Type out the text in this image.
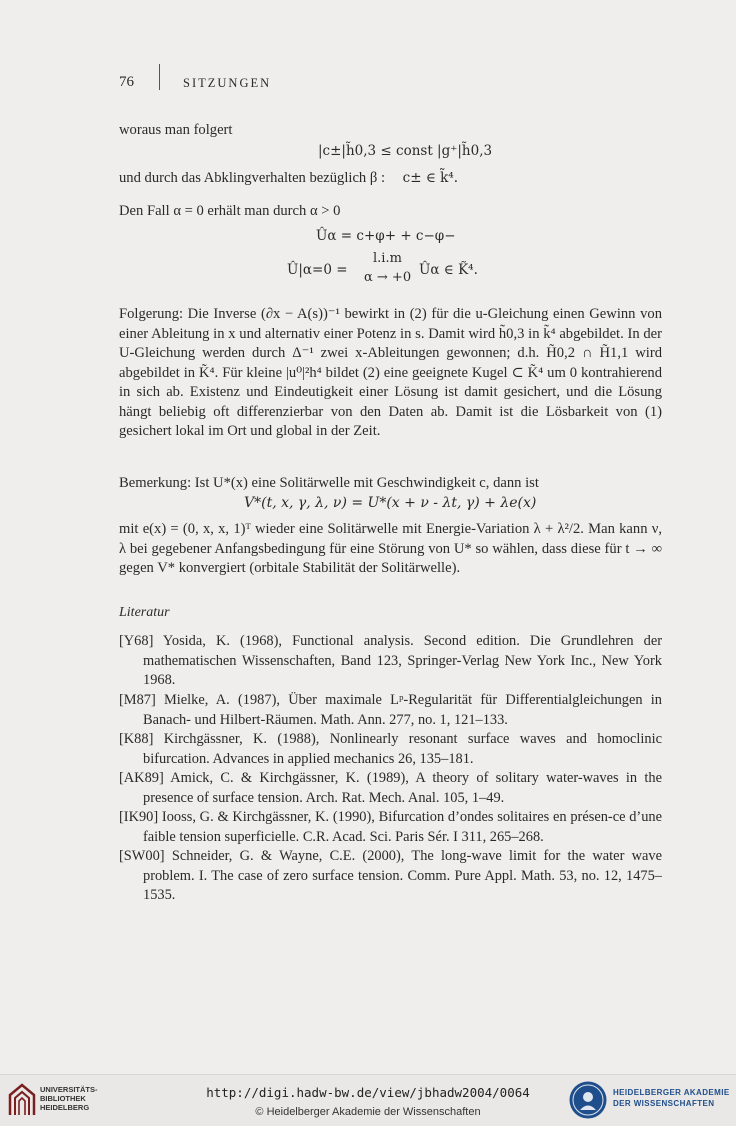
76	SITZUNGEN
woraus man folgert
|c±|h̃0,3 ≤ const |g⁺|h̃0,3
und durch das Abklingverhalten bezüglich β : c± ∈ k̃⁴.
Den Fall α = 0 erhält man durch α > 0
Ûα = c+φ+ + c−φ−
Û|α=0 =
l.i.m
α → +0 Ûα ∈ K̃⁴.
Folgerung: Die Inverse (∂x − A(s))⁻¹ bewirkt in (2) für die u-Gleichung einen Gewinn von einer Ableitung in x und alternativ einer Potenz in s. Damit wird h̃0,3 in k̃⁴ abgebildet. In der U-Gleichung werden durch Δ⁻¹ zwei x-Ableitungen gewonnen; d.h. H̃0,2 ∩ H̃1,1 wird abgebildet in K̃⁴. Für kleine |u⁰|²h⁴ bildet (2) eine geeignete Kugel ⊂ K̃⁴ um 0 kontrahierend in sich ab. Existenz und Eindeutigkeit einer Lösung ist damit gesichert, und die Lösung hängt beliebig oft differenzierbar von den Daten ab. Damit ist die Lösbarkeit von (1) gesichert lokal im Ort und global in der Zeit.
Bemerkung: Ist U*(x) eine Solitärwelle mit Geschwindigkeit c, dann ist
V*(t, x, γ, λ, ν) = U*(x + ν - λt, γ) + λe(x)
mit e(x) = (0, x, x, 1)ᵀ wieder eine Solitärwelle mit Energie-Variation λ + λ²/2. Man kann ν, λ bei gegebener Anfangsbedingung für eine Störung von U* so wählen, dass diese für t → ∞ gegen V* konvergiert (orbitale Stabilität der Solitärwelle).
Literatur
[Y68] Yosida, K. (1968), Functional analysis. Second edition. Die Grundlehren der mathematischen Wissenschaften, Band 123, Springer-Verlag New York Inc., New York 1968.
[M87] Mielke, A. (1987), Über maximale Lᵖ-Regularität für Differentialgleichungen in Banach- und Hilbert-Räumen. Math. Ann. 277, no. 1, 121–133.
[K88] Kirchgässner, K. (1988), Nonlinearly resonant surface waves and homoclinic bifurcation. Advances in applied mechanics 26, 135–181.
[AK89] Amick, C. & Kirchgässner, K. (1989), A theory of solitary water-waves in the presence of surface tension. Arch. Rat. Mech. Anal. 105, 1–49.
[IK90] Iooss, G. & Kirchgässner, K. (1990), Bifurcation d’ondes solitaires en présen-ce d’une faible tension superficielle. C.R. Acad. Sci. Paris Sér. I 311, 265–268.
[SW00] Schneider, G. & Wayne, C.E. (2000), The long-wave limit for the water wave problem. I. The case of zero surface tension. Comm. Pure Appl. Math. 53, no. 12, 1475–1535.
UNIVERSITÄTS-
BIBLIOTHEK
HEIDELBERG
http://digi.hadw-bw.de/view/jbhadw2004/0064
© Heidelberger Akademie der Wissenschaften
HEIDELBERGER AKADEMIE
DER WISSENSCHAFTEN
